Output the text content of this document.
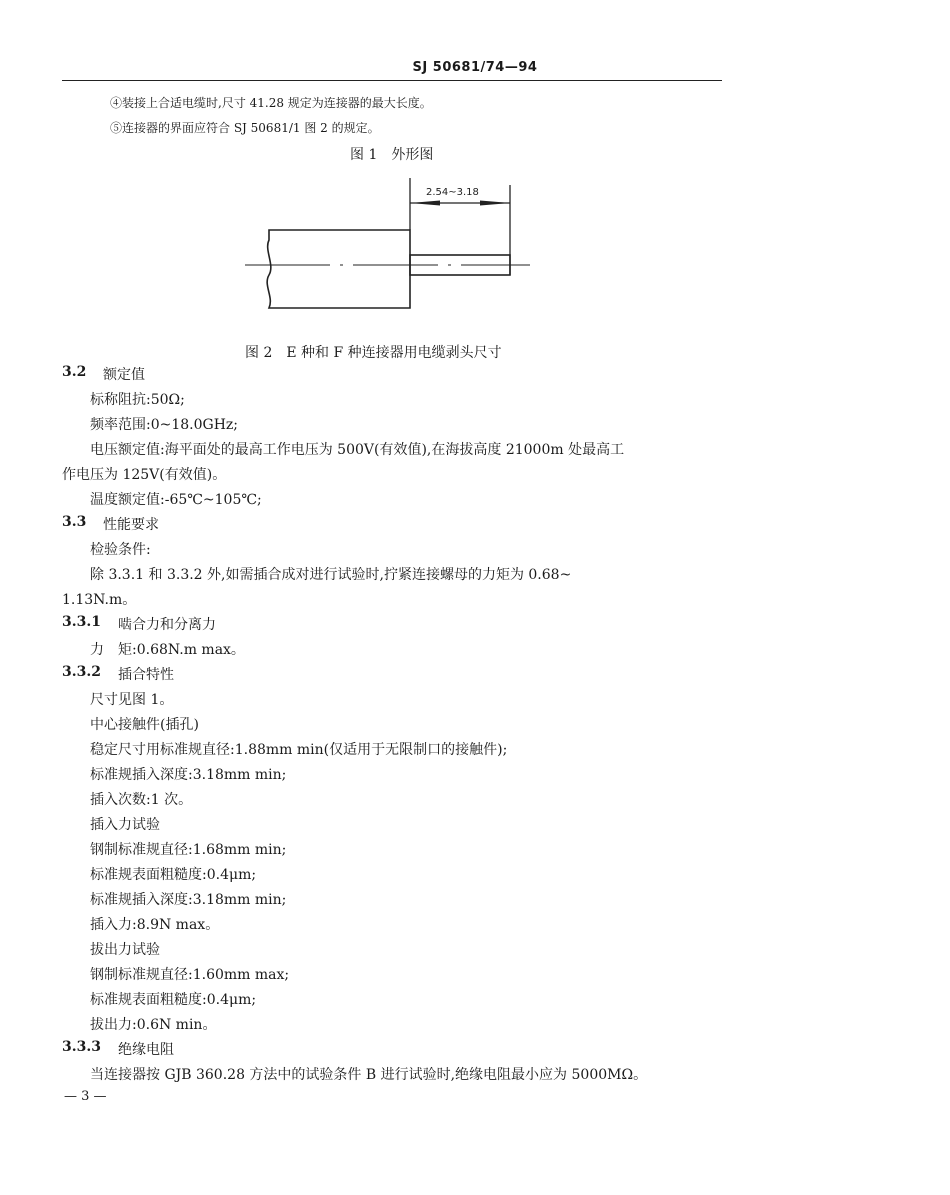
SJ 50681/74—94
④装接上合适电缆时,尺寸 41.28 规定为连接器的最大长度。
⑤连接器的界面应符合 SJ 50681/1 图 2 的规定。
图 1　外形图
2.54~3.18
图 2　E 种和 F 种连接器用电缆剥头尺寸
3.2 额定值
标称阻抗:50Ω;
频率范围:0~18.0GHz;
电压额定值:海平面处的最高工作电压为 500V(有效值),在海拔高度 21000m 处最高工
作电压为 125V(有效值)。
温度额定值:-65℃~105℃;
3.3 性能要求
检验条件:
除 3.3.1 和 3.3.2 外,如需插合成对进行试验时,拧紧连接螺母的力矩为 0.68~
1.13N.m。
3.3.1 啮合力和分离力
力　矩:0.68N.m max。
3.3.2 插合特性
尺寸见图 1。
中心接触件(插孔)
稳定尺寸用标准规直径:1.88mm min(仅适用于无限制口的接触件);
标准规插入深度:3.18mm min;
插入次数:1 次。
插入力试验
钢制标准规直径:1.68mm min;
标准规表面粗糙度:0.4μm;
标准规插入深度:3.18mm min;
插入力:8.9N max。
拔出力试验
钢制标准规直径:1.60mm max;
标准规表面粗糙度:0.4μm;
拔出力:0.6N min。
3.3.3 绝缘电阻
当连接器按 GJB 360.28 方法中的试验条件 B 进行试验时,绝缘电阻最小应为 5000MΩ。
— 3 —
